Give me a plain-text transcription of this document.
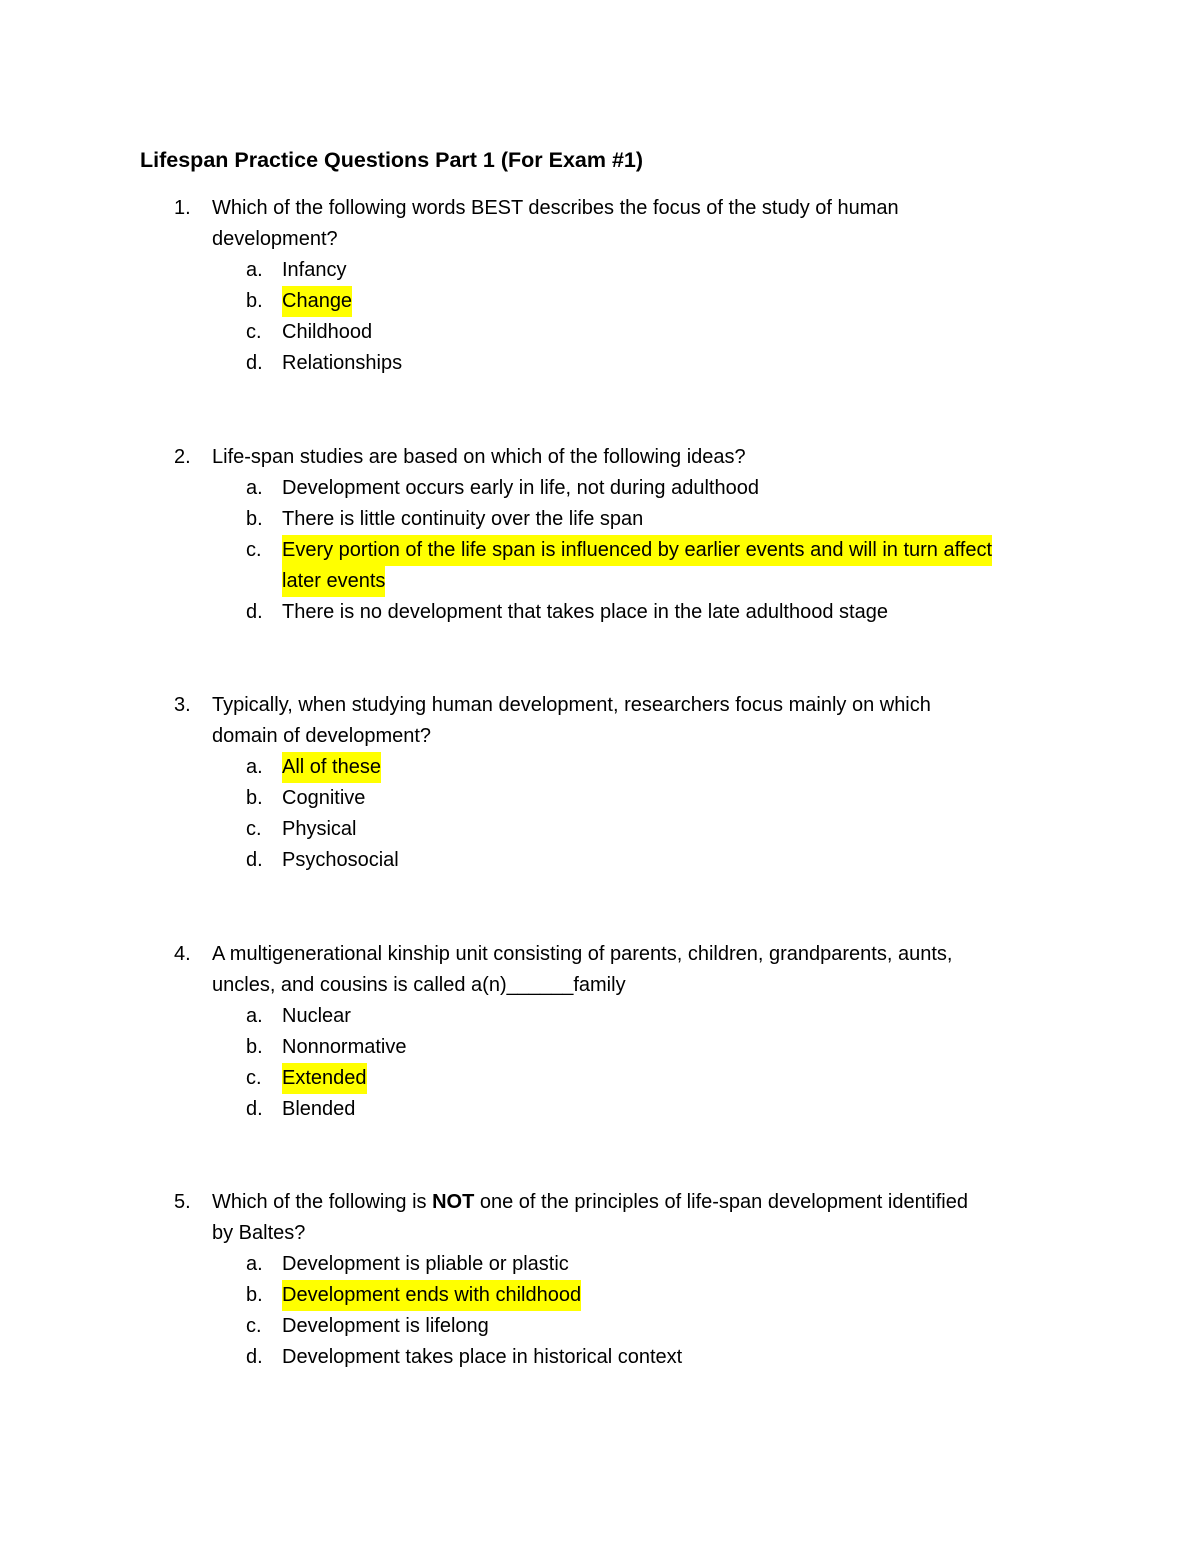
Lifespan Practice Questions Part 1 (For Exam #1)
1. Which of the following words BEST describes the focus of the study of human
development?
a. Infancy
b. Change
c. Childhood
d. Relationships
2. Life-span studies are based on which of the following ideas?
a. Development occurs early in life, not during adulthood
b. There is little continuity over the life span
c. Every portion of the life span is influenced by earlier events and will in turn affect
later events
d. There is no development that takes place in the late adulthood stage
3. Typically, when studying human development, researchers focus mainly on which
domain of development?
a. All of these
b. Cognitive
c. Physical
d. Psychosocial
4. A multigenerational kinship unit consisting of parents, children, grandparents, aunts,
uncles, and cousins is called a(n)______family
a. Nuclear
b. Nonnormative
c. Extended
d. Blended
5. Which of the following is NOT one of the principles of life-span development identified
by Baltes?
a. Development is pliable or plastic
b. Development ends with childhood
c. Development is lifelong
d. Development takes place in historical context
